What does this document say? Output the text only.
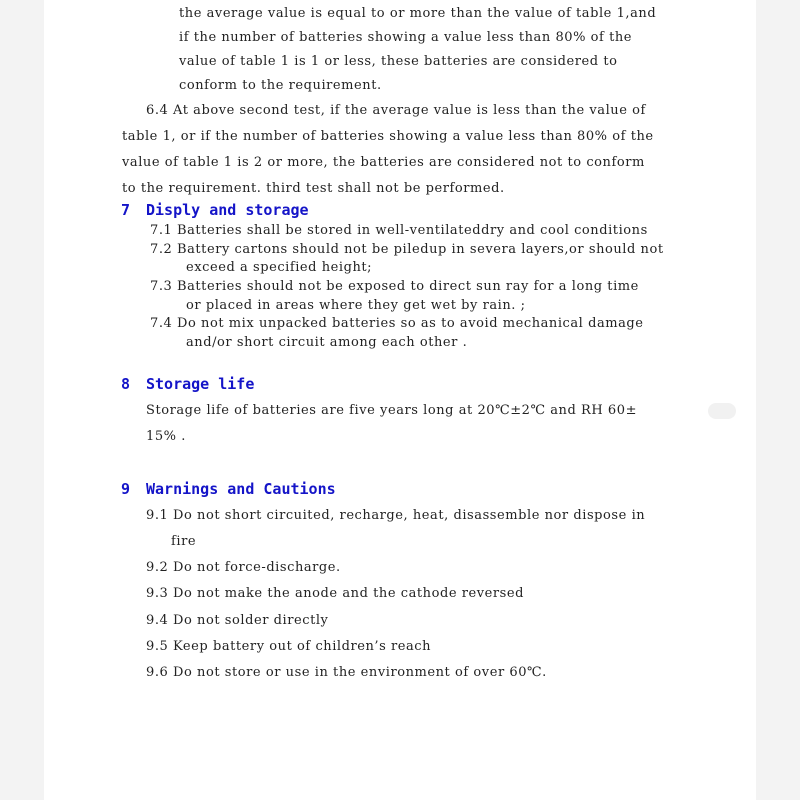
the average value is equal to or more than the value of table 1,and
if the number of batteries showing a value less than 80% of the
value of table 1 is 1 or less, these batteries are considered to
conform to the requirement.
6.4 At above second test, if the average value is less than the value of
table 1, or if the number of batteries showing a value less than 80% of the
value of table 1 is 2 or more, the batteries are considered not to conform
to the requirement. third test shall not be performed.
7 Disply and storage
7.1 Batteries shall be stored in well-ventilateddry and cool conditions
7.2 Battery cartons should not be piledup in severa layers,or should not
exceed a specified height;
7.3 Batteries should not be exposed to direct sun ray for a long time
or placed in areas where they get wet by rain. ;
7.4 Do not mix unpacked batteries so as to avoid mechanical damage
and/or short circuit among each other .
8 Storage life
Storage life of batteries are five years long at 20℃±2℃ and RH 60±
15% .
9 Warnings and Cautions
9.1 Do not short circuited, recharge, heat, disassemble nor dispose in
fire
9.2 Do not force-discharge.
9.3 Do not make the anode and the cathode reversed
9.4 Do not solder directly
9.5 Keep battery out of children’s reach
9.6 Do not store or use in the environment of over 60℃.
